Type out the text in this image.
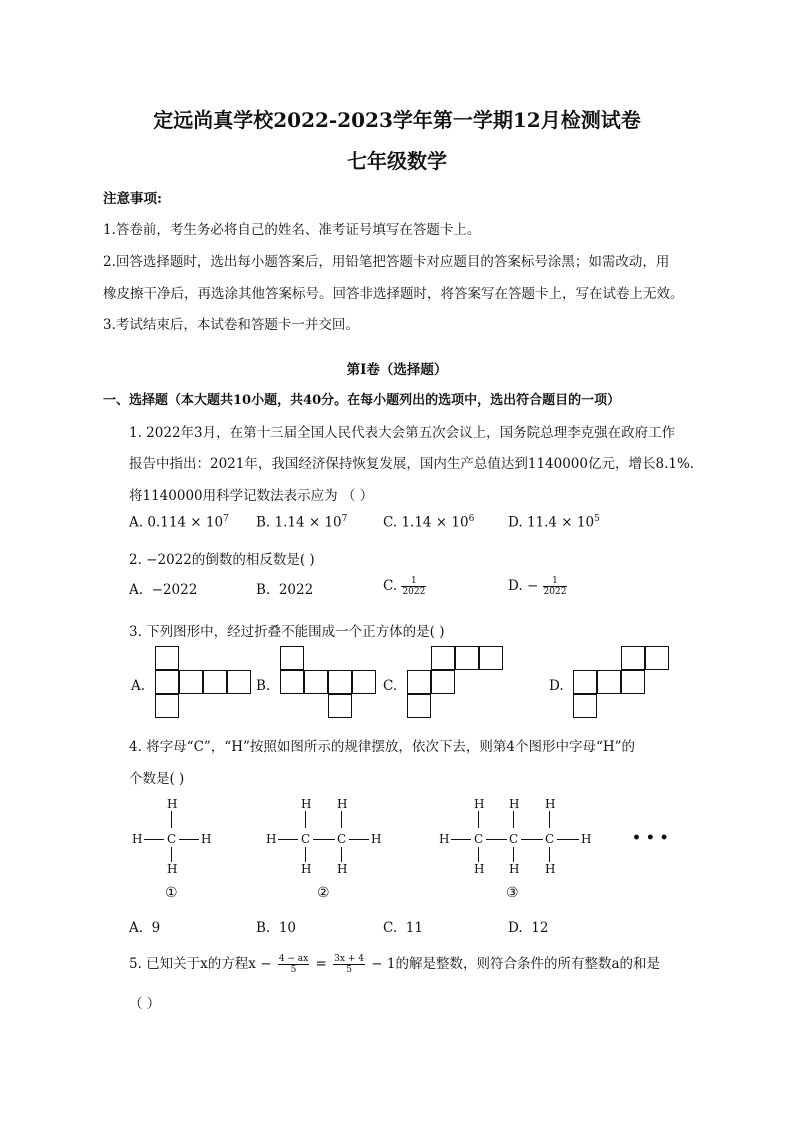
定远尚真学校2022-2023学年第一学期12月检测试卷
七年级数学
注意事项:
1.答卷前，考生务必将自己的姓名、准考证号填写在答题卡上。
2.回答选择题时，选出每小题答案后，用铅笔把答题卡对应题目的答案标号涂黑；如需改动，用
橡皮擦干净后，再选涂其他答案标号。回答非选择题时，将答案写在答题卡上，写在试卷上无效。
3.考试结束后，本试卷和答题卡一并交回。
第Ⅰ卷（选择题）
一、选择题（本大题共10小题，共40分。在每小题列出的选项中，选出符合题目的一项）
1. 2022年3月，在第十三届全国人民代表大会第五次会议上，国务院总理李克强在政府工作
报告中指出：2021年，我国经济保持恢复发展，国内生产总值达到1140000亿元，增长8.1%.
将1140000用科学记数法表示应为 （ ）
A. $0.114 \times 10^7$ B. $1.14 \times 10^7$	C. $1.14 \times 10^6$ D. $11.4 \times 10^5$
2. −2022的倒数的相反数是( )
A. −2022	B. 2022	C. $\frac{1}{2022}$	D. − $\frac{1}{2022}$
3. 下列图形中，经过折叠不能围成一个正方体的是( )
A.	B.	C.	D.
4. 将字母“C”，“H”按照如图所示的规律摆放，依次下去，则第4个图形中字母“H”的
个数是( )
H
H C H
H
①
H H
H C C H
H H
②
H H H
H C C C H
H H H
③
• • •
A. 9	B. 10	C. 11	D. 12
5. 已知关于x的方程$x - \frac{4 - ax}{5} = \frac{3x + 4}{5} - 1$的解是整数，则符合条件的所有整数a的和是
（ ）
